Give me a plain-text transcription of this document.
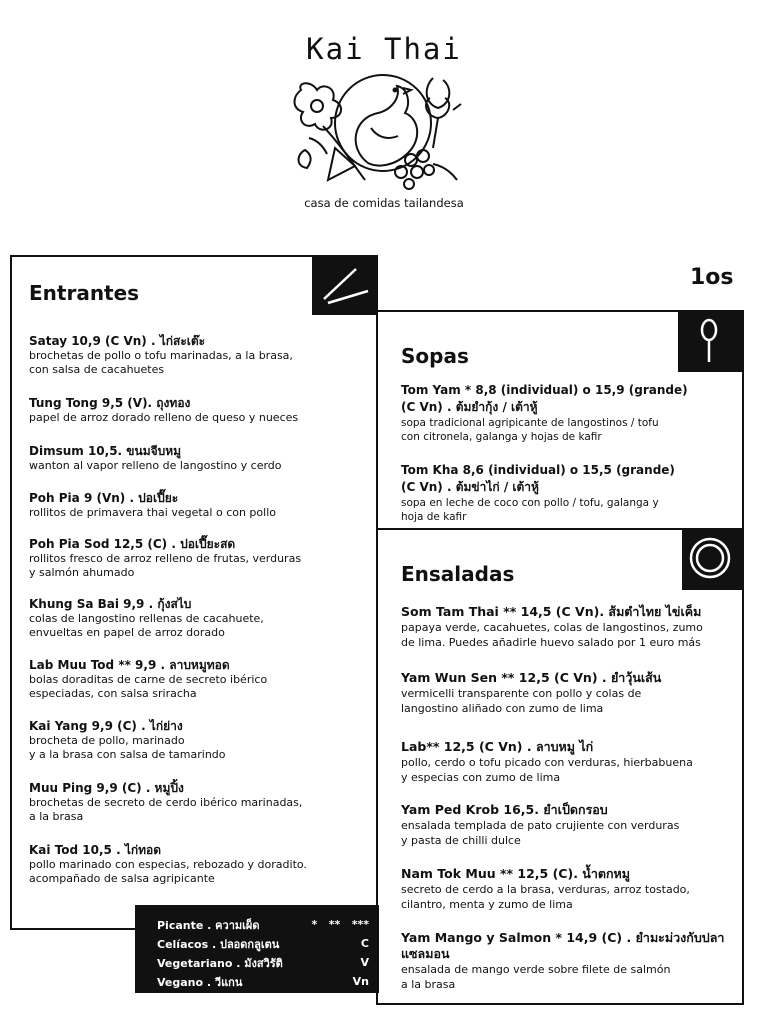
Kai Thai
casa de comidas tailandesa
1os
Entrantes
Satay 10,9 (C Vn) . ไก่สะเต๊ะ
brochetas de pollo o tofu marinadas, a la brasa,
con salsa de cacahuetes
Tung Tong 9,5 (V). ถุงทอง
papel de arroz dorado relleno de queso y nueces
Dimsum 10,5. ขนมจีบหมู
wanton al vapor relleno de langostino y cerdo
Poh Pia 9 (Vn) . ปอเปี๊ยะ
rollitos de primavera thai vegetal o con pollo
Poh Pia Sod 12,5 (C) . ปอเปี๊ยะสด
rollitos fresco de arroz relleno de frutas, verduras
y salmón ahumado
Khung Sa Bai 9,9 . กุ้งสไบ
colas de langostino rellenas de cacahuete,
envueltas en papel de arroz dorado
Lab Muu Tod ** 9,9 . ลาบหมูทอด
bolas doraditas de carne de secreto ibérico
especiadas, con salsa sriracha
Kai Yang 9,9 (C) . ไก่ย่าง
brocheta de pollo, marinado
y a la brasa con salsa de tamarindo
Muu Ping 9,9 (C) . หมูปิ้ง
brochetas de secreto de cerdo ibérico marinadas,
a la brasa
Kai Tod 10,5 . ไก่ทอด
pollo marinado con especias, rebozado y doradito.
acompañado de salsa agripicante
Sopas
Tom Yam * 8,8 (individual) o 15,9 (grande)
(C Vn) . ต้มยำกุ้ง / เต้าหู้
sopa tradicional agripicante de langostinos / tofu
con citronela, galanga y hojas de kafir
Tom Kha 8,6 (individual) o 15,5 (grande)
(C Vn) . ต้มข่าไก่ / เต้าหู้
sopa en leche de coco con pollo / tofu, galanga y
hoja de kafir
Ensaladas
Som Tam Thai ** 14,5 (C Vn). ส้มตำไทย ไข่เค็ม
papaya verde, cacahuetes, colas de langostinos, zumo
de lima. Puedes añadirle huevo salado por 1 euro más
Yam Wun Sen ** 12,5 (C Vn) . ยำวุ้นเส้น
vermicelli transparente con pollo y colas de
langostino aliñado con zumo de lima
Lab** 12,5 (C Vn) . ลาบหมู ไก่
pollo, cerdo o tofu picado con verduras, hierbabuena
y especias con zumo de lima
Yam Ped Krob 16,5. ยำเป็ดกรอบ
ensalada templada de pato crujiente con verduras
y pasta de chilli dulce
Nam Tok Muu ** 12,5 (C). น้ำตกหมู
secreto de cerdo a la brasa, verduras, arroz tostado,
cilantro, menta y zumo de lima
Yam Mango y Salmon * 14,9 (C) . ยำมะม่วงกับปลา
แซลมอน
ensalada de mango verde sobre filete de salmón
a la brasa
Picante . ความเผ็ด	*   **   ***
Celíacos . ปลอดกลูเตน	C
Vegetariano . มังสวิรัติ	V
Vegano . วีแกน	Vn
